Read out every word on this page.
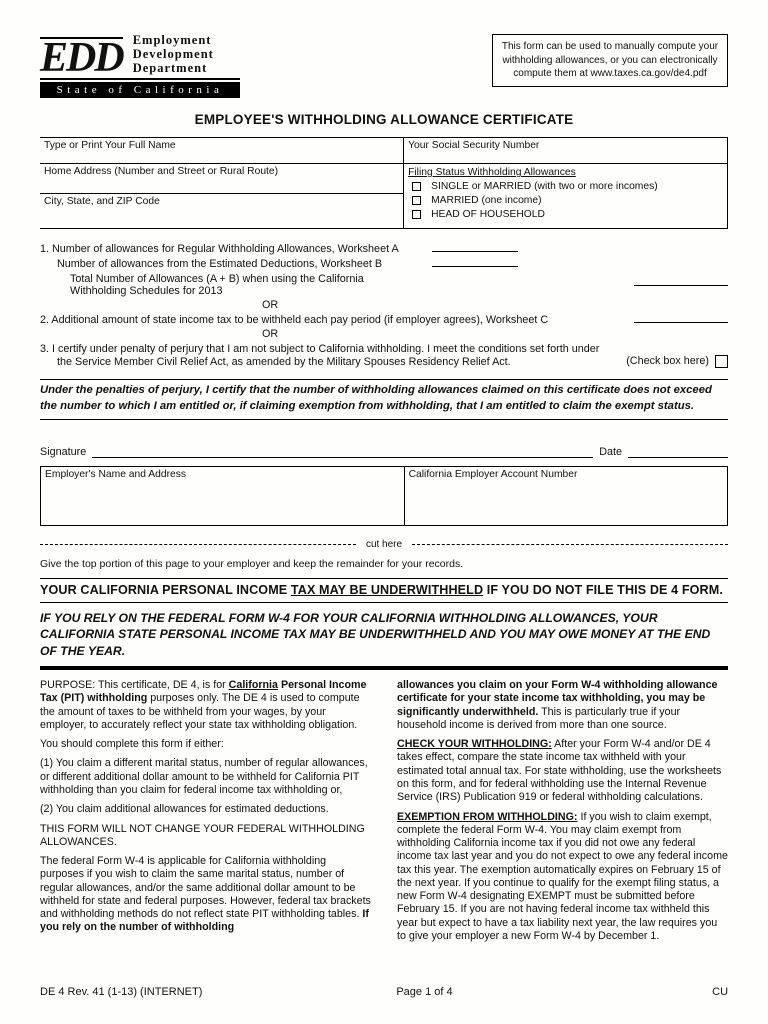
EDD Employment
Development
Department
State of California
This form can be used to manually compute your withholding allowances, or you can electronically compute them at www.taxes.ca.gov/de4.pdf
EMPLOYEE'S WITHHOLDING ALLOWANCE CERTIFICATE
Type or Print Your Full Name
Home Address (Number and Street or Rural Route)
City, State, and ZIP Code
Your Social Security Number
Filing Status Withholding Allowances
SINGLE or MARRIED (with two or more incomes)
MARRIED (one income)
HEAD OF HOUSEHOLD
1. Number of allowances for Regular Withholding Allowances, Worksheet A
Number of allowances from the Estimated Deductions, Worksheet B
Total Number of Allowances (A + B) when using the California
Withholding Schedules for 2013
OR
2. Additional amount of state income tax to be withheld each pay period (if employer agrees), Worksheet C
OR
3. I certify under penalty of perjury that I am not subject to California withholding. I meet the conditions set forth under
the Service Member Civil Relief Act, as amended by the Military Spouses Residency Relief Act.	(Check box here)
Under the penalties of perjury, I certify that the number of withholding allowances claimed on this certificate does not exceed the number to which I am entitled or, if claiming exemption from withholding, that I am entitled to claim the exempt status.
Signature	Date
Employer's Name and Address	California Employer Account Number
cut here
Give the top portion of this page to your employer and keep the remainder for your records.
YOUR CALIFORNIA PERSONAL INCOME TAX MAY BE UNDERWITHHELD IF YOU DO NOT FILE THIS DE 4 FORM.
IF YOU RELY ON THE FEDERAL FORM W-4 FOR YOUR CALIFORNIA WITHHOLDING ALLOWANCES, YOUR CALIFORNIA STATE PERSONAL INCOME TAX MAY BE UNDERWITHHELD AND YOU MAY OWE MONEY AT THE END OF THE YEAR.

PURPOSE: This certificate, DE 4, is for California Personal Income Tax (PIT) withholding purposes only. The DE 4 is used to compute the amount of taxes to be withheld from your wages, by your employer, to accurately reflect your state tax withholding obligation.

You should complete this form if either:

(1) You claim a different marital status, number of regular allowances, or different additional dollar amount to be withheld for California PIT withholding than you claim for federal income tax withholding or,

(2) You claim additional allowances for estimated deductions.

THIS FORM WILL NOT CHANGE YOUR FEDERAL WITHHOLDING ALLOWANCES.

The federal Form W-4 is applicable for California withholding purposes if you wish to claim the same marital status, number of regular allowances, and/or the same additional dollar amount to be withheld for state and federal purposes. However, federal tax brackets and withholding methods do not reflect state PIT withholding tables. If you rely on the number of withholding

allowances you claim on your Form W-4 withholding allowance certificate for your state income tax withholding, you may be significantly underwithheld. This is particularly true if your household income is derived from more than one source.

CHECK YOUR WITHHOLDING: After your Form W-4 and/or DE 4 takes effect, compare the state income tax withheld with your estimated total annual tax. For state withholding, use the worksheets on this form, and for federal withholding use the Internal Revenue Service (IRS) Publication 919 or federal withholding calculations.

EXEMPTION FROM WITHHOLDING: If you wish to claim exempt, complete the federal Form W-4. You may claim exempt from withholding California income tax if you did not owe any federal income tax last year and you do not expect to owe any federal income tax this year. The exemption automatically expires on February 15 of the next year. If you continue to qualify for the exempt filing status, a new Form W-4 designating EXEMPT must be submitted before February 15. If you are not having federal income tax withheld this year but expect to have a tax liability next year, the law requires you to give your employer a new Form W-4 by December 1.

DE 4 Rev. 41 (1-13) (INTERNET)	Page 1 of 4	CU
